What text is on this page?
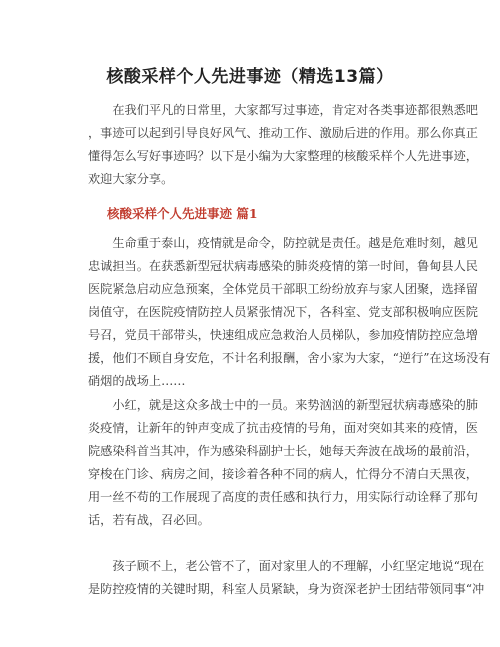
核酸采样个人先进事迹（精选13篇）
　　在我们平凡的日常里，大家都写过事迹，肯定对各类事迹都很熟悉吧
，事迹可以起到引导良好风气、推动工作、激励后进的作用。那么你真正
懂得怎么写好事迹吗？以下是小编为大家整理的核酸采样个人先进事迹，
欢迎大家分享。
核酸采样个人先进事迹 篇1
　　生命重于泰山，疫情就是命令，防控就是责任。越是危难时刻，越见
忠诚担当。在获悉新型冠状病毒感染的肺炎疫情的第一时间，鲁甸县人民
医院紧急启动应急预案，全体党员干部职工纷纷放弃与家人团聚，选择留
岗值守，在医院疫情防控人员紧张情况下，各科室、党支部积极响应医院
号召，党员干部带头，快速组成应急救治人员梯队，参加疫情防控应急增
援，他们不顾自身安危，不计名利报酬，舍小家为大家，“逆行”在这场没有
硝烟的战场上……
　　小红，就是这众多战士中的一员。来势汹汹的新型冠状病毒感染的肺
炎疫情，让新年的钟声变成了抗击疫情的号角，面对突如其来的疫情，医
院感染科首当其冲，作为感染科副护士长，她每天奔波在战场的最前沿，
穿梭在门诊、病房之间，接诊着各种不同的病人，忙得分不清白天黑夜，
用一丝不苟的工作展现了高度的责任感和执行力，用实际行动诠释了那句
话，若有战，召必回。
　　孩子顾不上，老公管不了，面对家里人的不理解，小红坚定地说“现在
是防控疫情的关键时期，科室人员紧缺，身为资深老护士团结带领同事“冲
